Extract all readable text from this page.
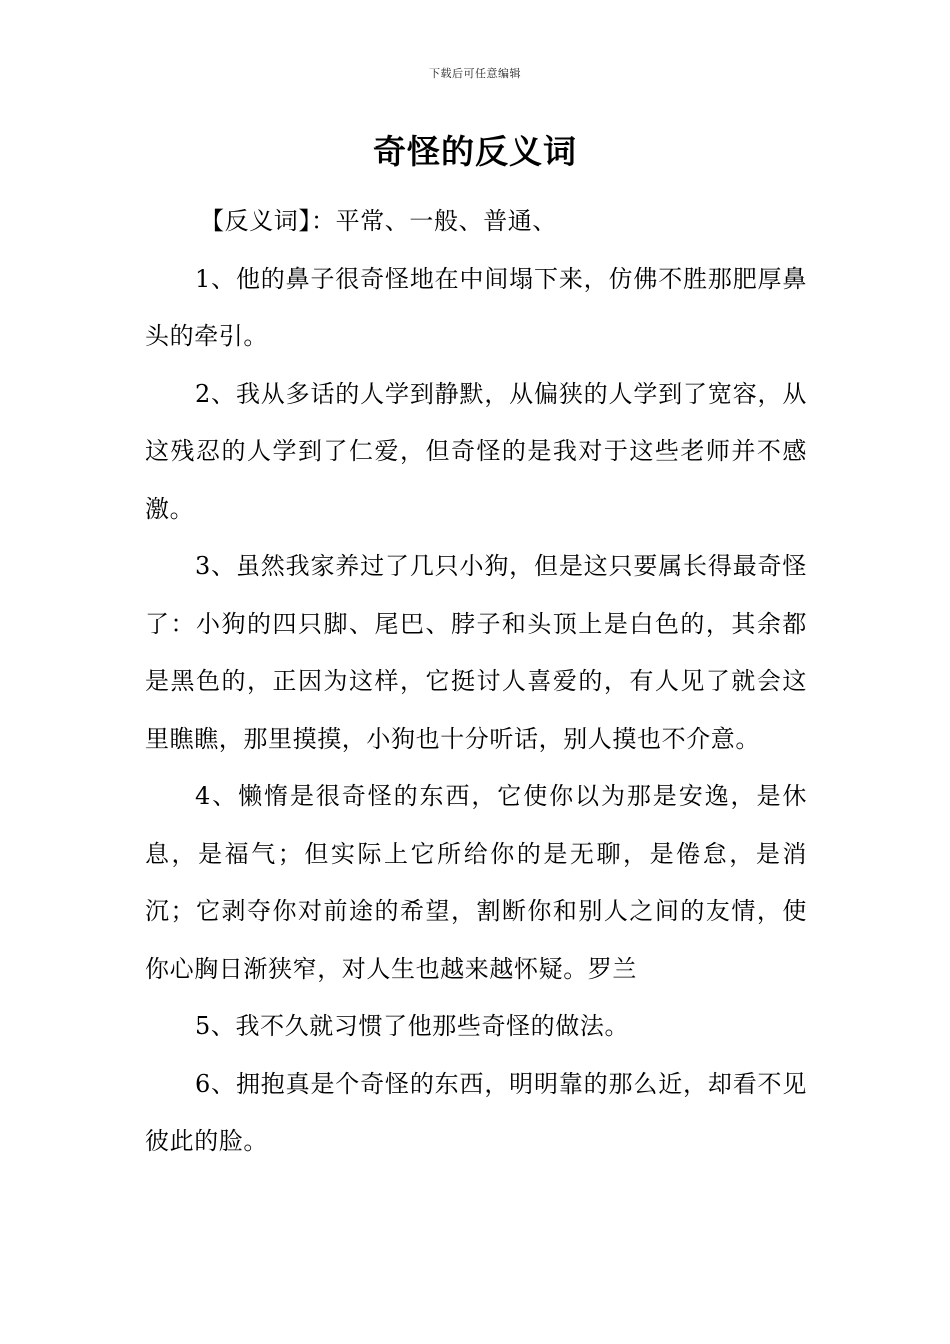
下载后可任意编辑
奇怪的反义词

【反义词】：平常、一般、普通、

1、他的鼻子很奇怪地在中间塌下来，仿佛不胜那肥厚鼻头的牵引。

2、我从多话的人学到静默，从偏狭的人学到了宽容，从这残忍的人学到了仁爱，但奇怪的是我对于这些老师并不感激。

3、虽然我家养过了几只小狗，但是这只要属长得最奇怪了：小狗的四只脚、尾巴、脖子和头顶上是白色的，其余都是黑色的，正因为这样，它挺讨人喜爱的，有人见了就会这里瞧瞧，那里摸摸，小狗也十分听话，别人摸也不介意。

4、懒惰是很奇怪的东西，它使你以为那是安逸，是休息，是福气；但实际上它所给你的是无聊，是倦怠，是消沉；它剥夺你对前途的希望，割断你和别人之间的友情，使你心胸日渐狭窄，对人生也越来越怀疑。罗兰

5、我不久就习惯了他那些奇怪的做法。

6、拥抱真是个奇怪的东西，明明靠的那么近，却看不见彼此的脸。
